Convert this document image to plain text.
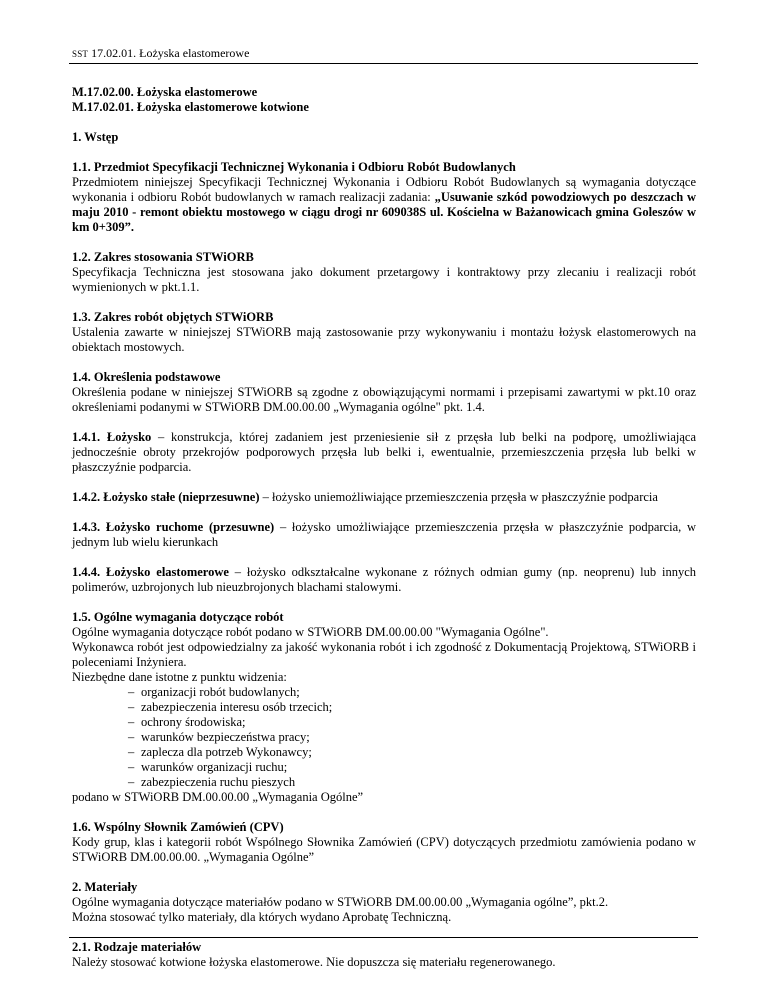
SST 17.02.01. Łożyska elastomerowe

M.17.02.00. Łożyska elastomerowe

M.17.02.01. Łożyska elastomerowe kotwione

1. Wstęp

1.1. Przedmiot Specyfikacji Technicznej Wykonania i Odbioru Robót Budowlanych

Przedmiotem niniejszej Specyfikacji Technicznej Wykonania i Odbioru Robót Budowlanych są wymagania dotyczące wykonania i odbioru Robót budowlanych w ramach realizacji zadania: „Usuwanie szkód powodziowych po deszczach w maju 2010 - remont obiektu mostowego w ciągu drogi nr 609038S ul. Kościelna w Bażanowicach gmina Goleszów w km 0+309”.

1.2. Zakres stosowania STWiORB

Specyfikacja Techniczna jest stosowana jako dokument przetargowy i kontraktowy przy zlecaniu i realizacji robót wymienionych w pkt.1.1.

1.3. Zakres robót objętych STWiORB

Ustalenia zawarte w niniejszej STWiORB mają zastosowanie przy wykonywaniu i montażu łożysk elastomerowych na obiektach mostowych.

1.4. Określenia podstawowe

Określenia podane w niniejszej STWiORB są zgodne z obowiązującymi normami i przepisami zawartymi w pkt.10 oraz określeniami podanymi w STWiORB DM.00.00.00 „Wymagania ogólne" pkt. 1.4.

1.4.1. Łożysko – konstrukcja, której zadaniem jest przeniesienie sił z przęsła lub belki na podporę, umożliwiająca jednocześnie obroty przekrojów podporowych przęsła lub belki i, ewentualnie, przemieszczenia przęsła lub belki w płaszczyźnie podparcia.

1.4.2. Łożysko stałe (nieprzesuwne) – łożysko uniemożliwiające przemieszczenia przęsła w płaszczyźnie podparcia

1.4.3. Łożysko ruchome (przesuwne) – łożysko umożliwiające przemieszczenia przęsła w płaszczyźnie podparcia, w jednym lub wielu kierunkach

1.4.4. Łożysko elastomerowe – łożysko odkształcalne wykonane z różnych odmian gumy (np. neoprenu) lub innych polimerów, uzbrojonych lub nieuzbrojonych blachami stalowymi.

1.5. Ogólne wymagania dotyczące robót

Ogólne wymagania dotyczące robót podano w STWiORB DM.00.00.00 "Wymagania Ogólne".

Wykonawca robót jest odpowiedzialny za jakość wykonania robót i ich zgodność z Dokumentacją Projektową, STWiORB i poleceniami Inżyniera.

Niezbędne dane istotne z punktu widzenia:

– organizacji robót budowlanych;
– zabezpieczenia interesu osób trzecich;
– ochrony środowiska;
– warunków bezpieczeństwa pracy;
– zaplecza dla potrzeb Wykonawcy;
– warunków organizacji ruchu;
– zabezpieczenia ruchu pieszych

podano w STWiORB DM.00.00.00 „Wymagania Ogólne”

1.6. Wspólny Słownik Zamówień (CPV)

Kody grup, klas i kategorii robót Wspólnego Słownika Zamówień (CPV) dotyczących przedmiotu zamówienia podano w STWiORB DM.00.00.00. „Wymagania Ogólne”

2. Materiały

Ogólne wymagania dotyczące materiałów podano w STWiORB DM.00.00.00 „Wymagania ogólne”, pkt.2.

Można stosować tylko materiały, dla których wydano Aprobatę Techniczną.

2.1. Rodzaje materiałów

Należy stosować kotwione łożyska elastomerowe. Nie dopuszcza się materiału regenerowanego.
